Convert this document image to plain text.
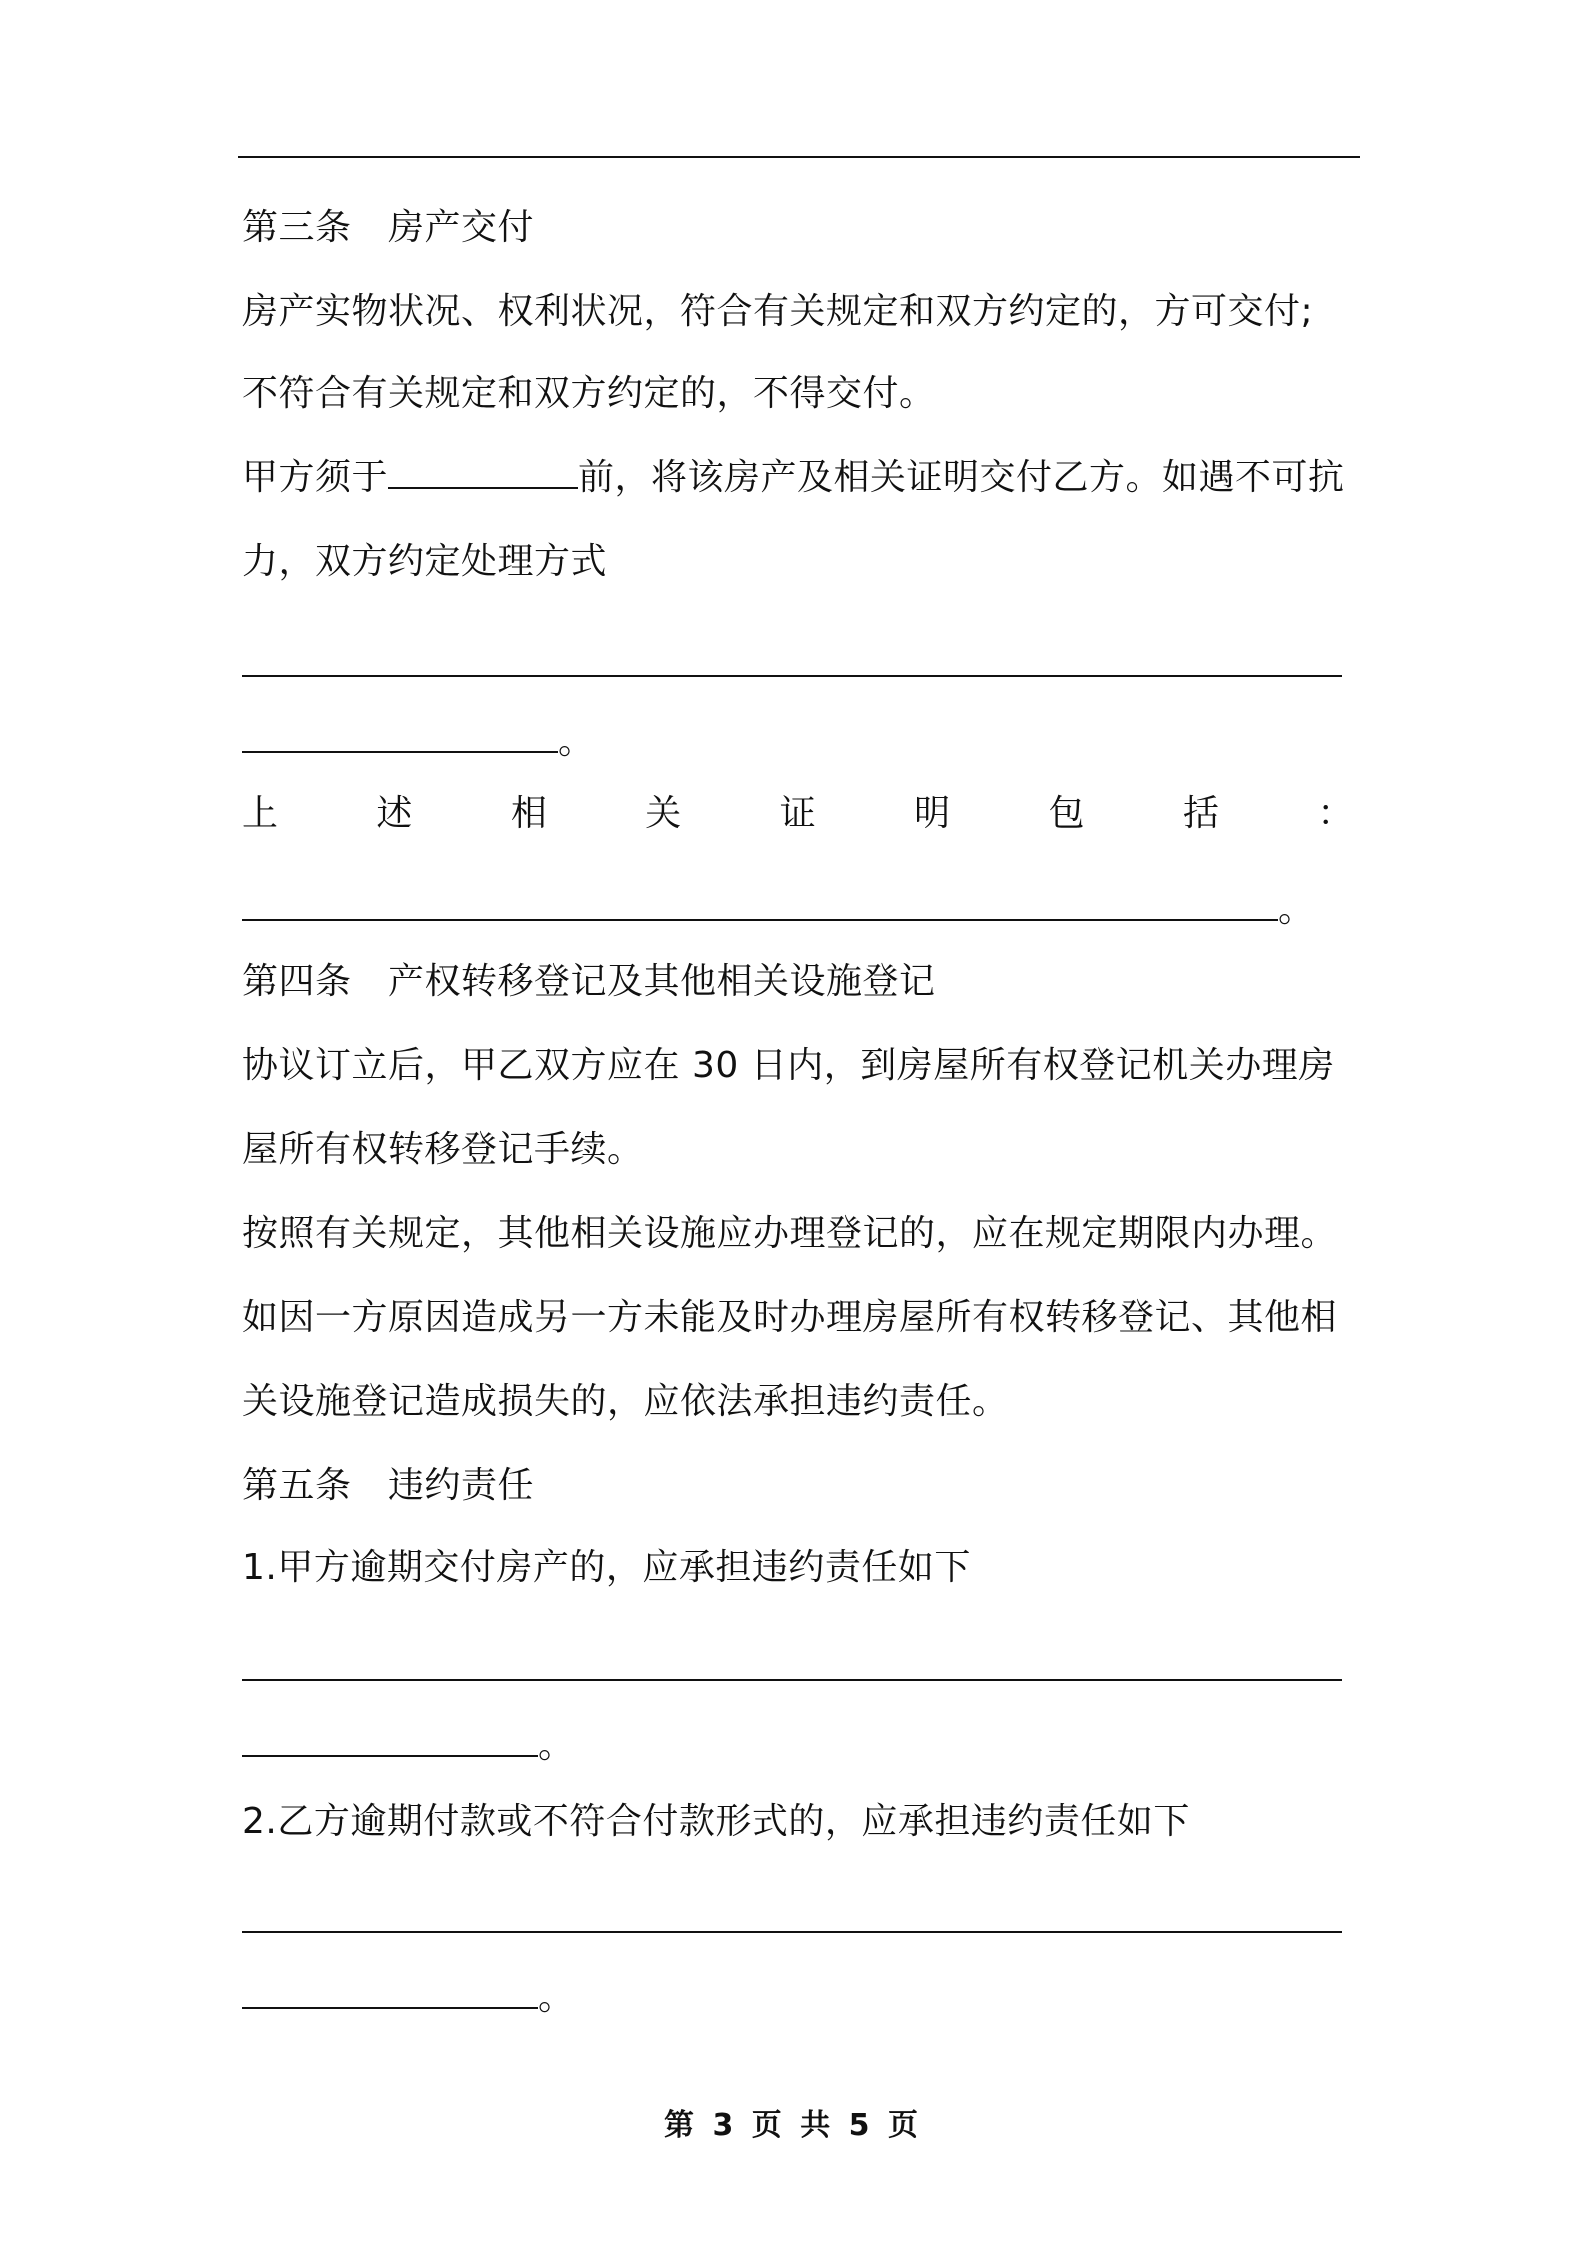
第三条　房产交付
房产实物状况、权利状况，符合有关规定和双方约定的，方可交付;
不符合有关规定和双方约定的，不得交付。
甲方须于	前，将该房产及相关证明交付乙方。如遇不可抗
力，双方约定处理方式
。
上	述	相	关	证	明	包	括	：
。
第四条　产权转移登记及其他相关设施登记
协议订立后，甲乙双方应在 30 日内，到房屋所有权登记机关办理房
屋所有权转移登记手续。
按照有关规定，其他相关设施应办理登记的，应在规定期限内办理。
如因一方原因造成另一方未能及时办理房屋所有权转移登记、其他相
关设施登记造成损失的，应依法承担违约责任。
第五条　违约责任
1.甲方逾期交付房产的，应承担违约责任如下
。
2.乙方逾期付款或不符合付款形式的，应承担违约责任如下
。
第 3 页 共 5 页
